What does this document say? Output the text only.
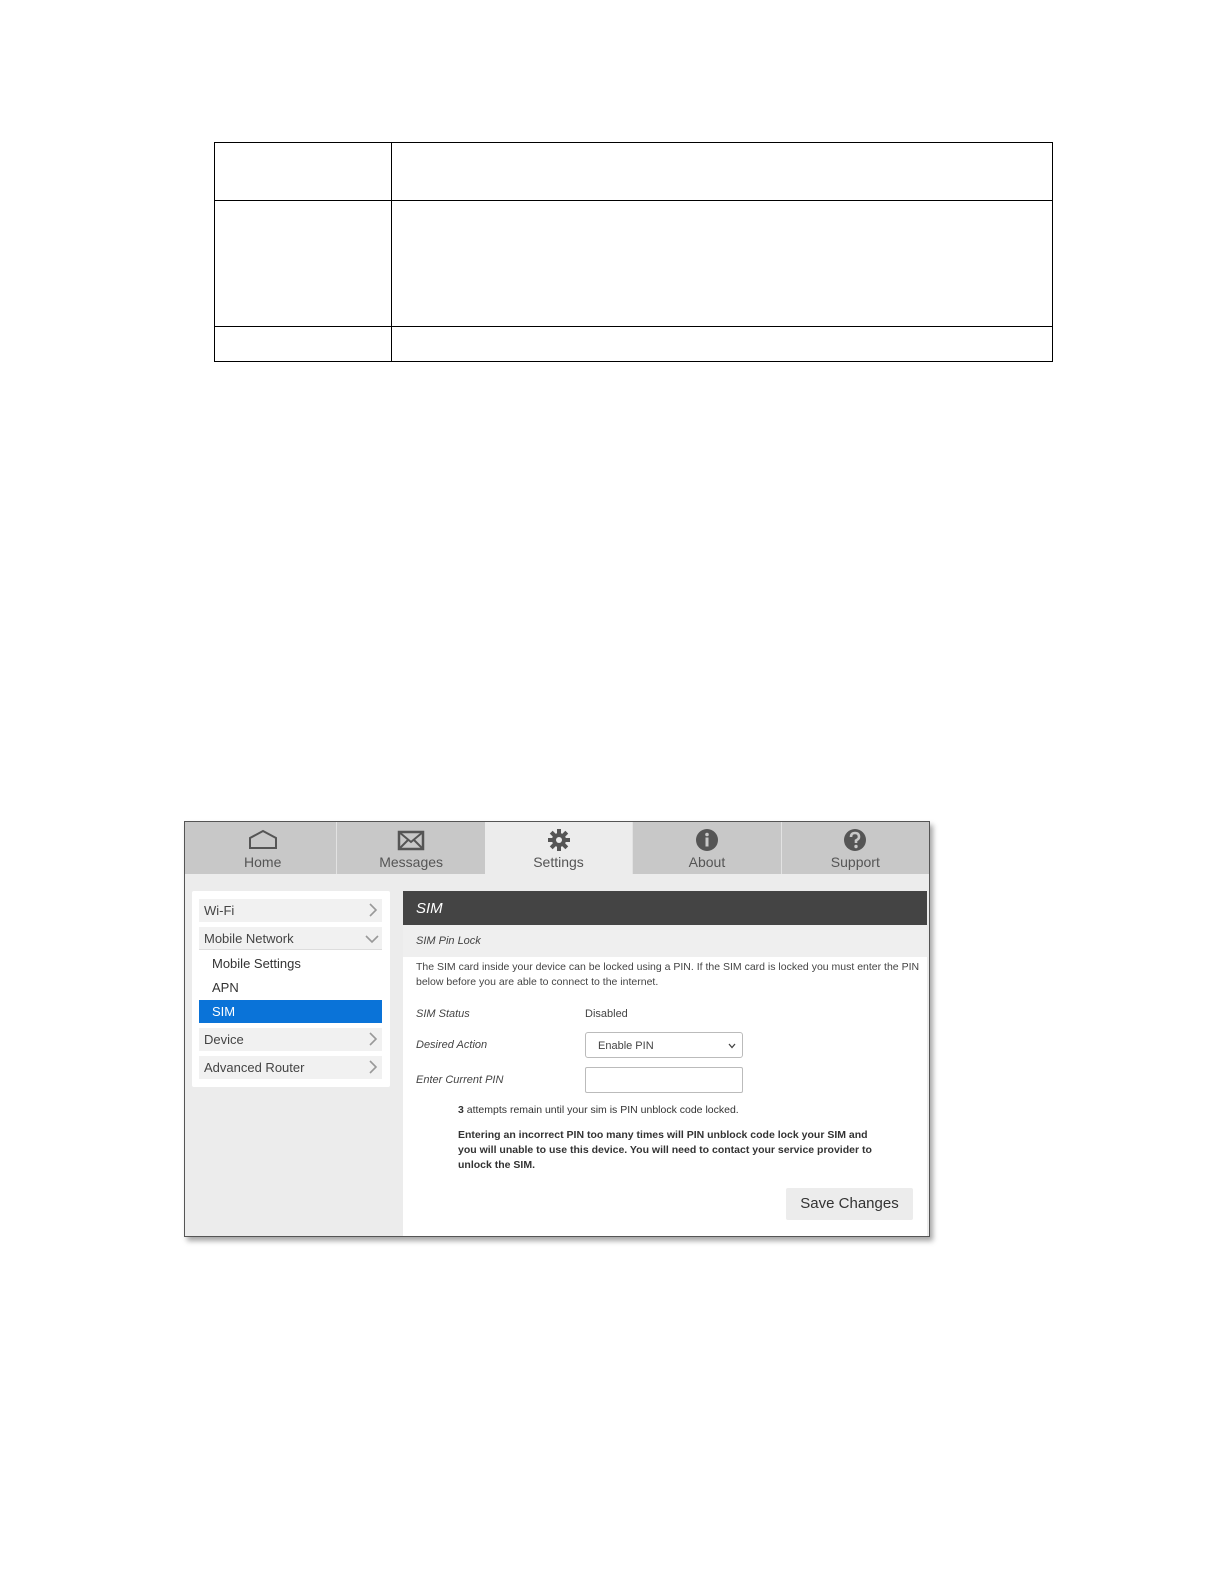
Home	Messages	Settings	About	Support
Wi-Fi
Mobile Network
Mobile Settings
APN
SIM
Device
Advanced Router
SIM
SIM Pin Lock
The SIM card inside your device can be locked using a PIN. If the SIM card is locked you must enter the PIN below before you are able to connect to the internet.
SIM Status	Disabled
Desired Action	Enable PIN
Enter Current PIN
3 attempts remain until your sim is PIN unblock code locked.
Entering an incorrect PIN too many times will PIN unblock code lock your SIM and you will unable to use this device. You will need to contact your service provider to unlock the SIM.
Save Changes
